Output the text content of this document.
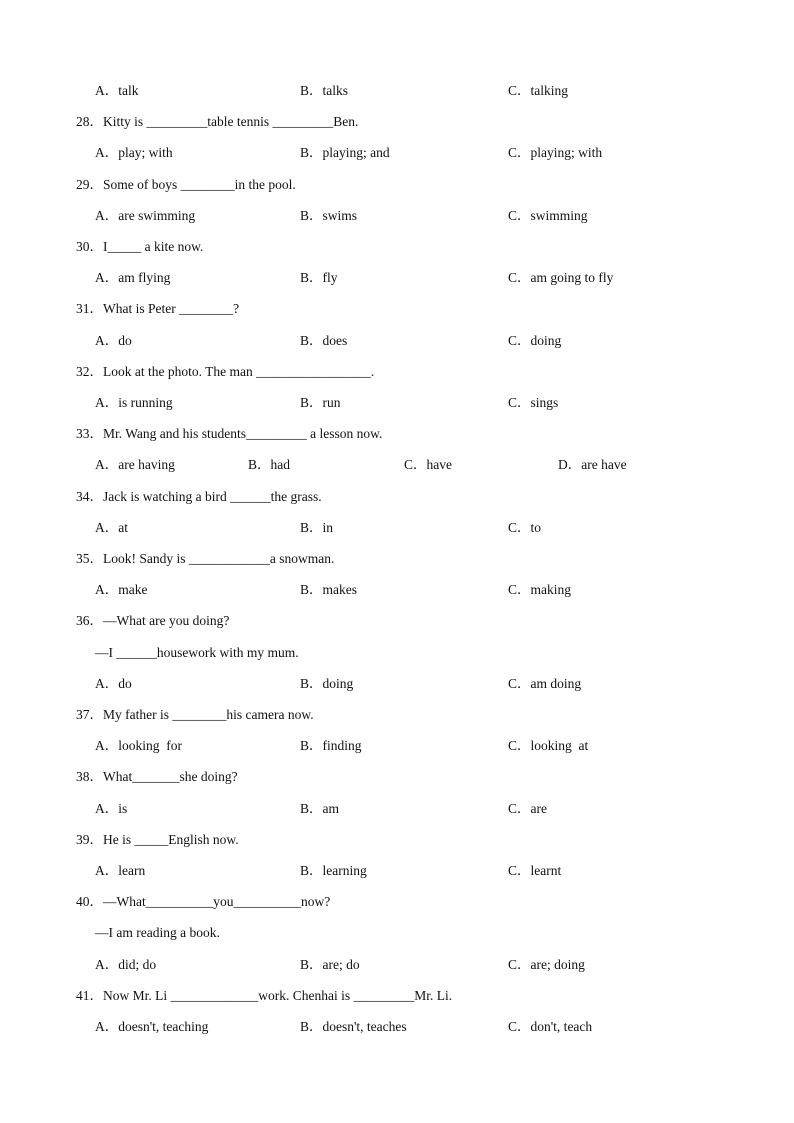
A．talk	B．talks	C．talking
28．Kitty is _________table tennis _________Ben.
A．play; with	B．playing; and	C．playing; with
29．Some of boys ________in the pool.
A．are swimming	B．swims	C．swimming
30．I_____ a kite now.
A．am flying	B．fly	C．am going to fly
31．What is Peter ________?
A．do	B．does	C．doing
32．Look at the photo. The man _________________.
A．is running	B．run	C．sings
33．Mr. Wang and his students_________ a lesson now.
A．are having	B．had	C．have	D．are have
34．Jack is watching a bird ______the grass.
A．at	B．in	C．to
35．Look! Sandy is ____________a snowman.
A．make	B．makes	C．making
36．—What are you doing?
—I ______housework with my mum.
A．do	B．doing	C．am doing
37．My father is ________his camera now.
A．looking  for	B．finding	C．looking  at
38．What_______she doing?
A．is	B．am	C．are
39．He is _____English now.
A．learn	B．learning	C．learnt
40．—What__________you__________now?
—I am reading a book.
A．did; do	B．are; do	C．are; doing
41．Now Mr. Li _____________work. Chenhai is _________Mr. Li.
A．doesn't, teaching	B．doesn't, teaches	C．don't, teach
